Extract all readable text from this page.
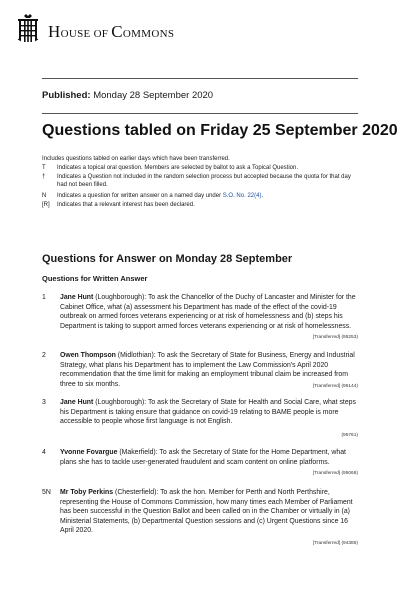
HOUSE OF COMMONS
Published: Monday 28 September 2020
Questions tabled on Friday 25 September 2020

Includes questions tabled on earlier days which have been transferred.

T	Indicates a topical oral question. Members are selected by ballot to ask a Topical Question.
†	Indicates a Question not included in the random selection process but accepted because the quota for that day had not been filled.
N	Indicates a question for written answer on a named day under S.O. No. 22(4).
[R]	Indicates that a relevant interest has been declared.
Questions for Answer on Monday 28 September
Questions for Written Answer
1	Jane Hunt (Loughborough): To ask the Chancellor of the Duchy of Lancaster and Minister for the Cabinet Office, what (a) assessment his Department has made of the effect of the covid-19 outbreak on armed forces veterans experiencing or at risk of homelessness and (b) steps his Department is taking to support armed forces veterans experiencing or at risk of homelessness.
[Transferred] (95253)
2	Owen Thompson (Midlothian): To ask the Secretary of State for Business, Energy and Industrial Strategy, what plans his Department has to implement the Law Commission's April 2020 recommendation that the time limit for making an employment tribunal claim be increased from three to six months.	[Transferred] (95144)
3	Jane Hunt (Loughborough): To ask the Secretary of State for Health and Social Care, what steps his Department is taking ensure that guidance on covid-19 relating to BAME people is more accessible to people whose first language is not English.
(95761)
4	Yvonne Fovargue (Makerfield): To ask the Secretary of State for the Home Department, what plans she has to tackle user-generated fraudulent and scam content on online platforms.
[Transferred] (95068)
5N	Mr Toby Perkins (Chesterfield): To ask the hon. Member for Perth and North Perthshire, representing the House of Commons Commission, how many times each Member of Parliament has been successful in the Question Ballot and been called on in the Chamber or virtually in (a) Ministerial Statements, (b) Departmental Question sessions and (c) Urgent Questions since 16 April 2020.
[Transferred] (94385)
